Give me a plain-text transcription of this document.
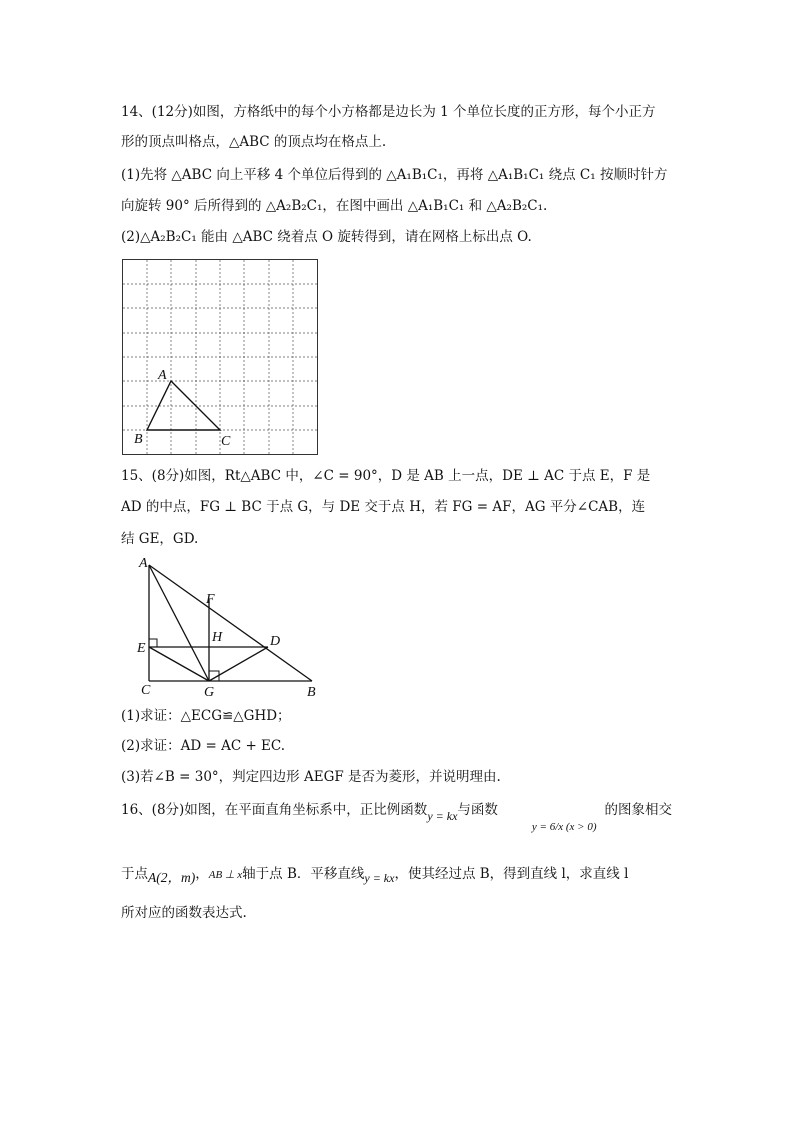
14、(12分)如图，方格纸中的每个小方格都是边长为 1 个单位长度的正方形，每个小正方
形的顶点叫格点，△ABC 的顶点均在格点上.
(1)先将 △ABC 向上平移 4 个单位后得到的 △A₁B₁C₁，再将 △A₁B₁C₁ 绕点 C₁ 按顺时针方
向旋转 90° 后所得到的 △A₂B₂C₁，在图中画出 △A₁B₁C₁ 和 △A₂B₂C₁.
(2)△A₂B₂C₁ 能由 △ABC 绕着点 O 旋转得到，请在网格上标出点 O.
A
B	C
15、(8分)如图，Rt△ABC 中，∠C = 90°，D 是 AB 上一点，DE ⊥ AC 于点 E，F 是
AD 的中点，FG ⊥ BC 于点 G，与 DE 交于点 H，若 FG = AF，AG 平分∠CAB，连
结 GE，GD.
A
F
H	D
E
C	G	B
(1)求证：△ECG≌△GHD；
(2)求证：AD = AC + EC.
(3)若∠B = 30°，判定四边形 AEGF 是否为菱形，并说明理由.
16、(8分)如图，在平面直角坐标系中，正比例函数y = kx与函数$_{y = 6/x (x > 0)}$的图象相交
于点A(2，m)，AB ⊥ x轴于点 B．平移直线y = kx，使其经过点 B，得到直线 l，求直线 l
所对应的函数表达式.
